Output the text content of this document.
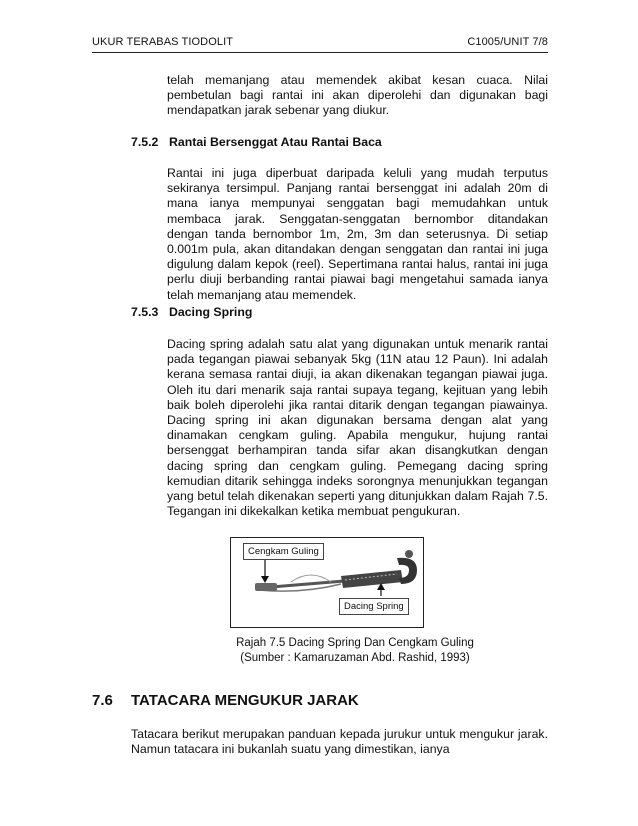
UKUR TERABAS TIODOLIT	C1005/UNIT 7/8
telah memanjang atau memendek akibat kesan cuaca. Nilai pembetulan bagi rantai ini akan diperolehi dan digunakan bagi mendapatkan jarak sebenar yang diukur.
7.5.2 Rantai Bersenggat Atau Rantai Baca
Rantai ini juga diperbuat daripada keluli yang mudah terputus sekiranya tersimpul. Panjang rantai bersenggat ini adalah 20m di mana ianya mempunyai senggatan bagi memudahkan untuk membaca jarak. Senggatan-senggatan bernombor ditandakan dengan tanda bernombor 1m, 2m, 3m dan seterusnya. Di setiap 0.001m pula, akan ditandakan dengan senggatan dan rantai ini juga digulung dalam kepok (reel). Sepertimana rantai halus, rantai ini juga perlu diuji berbanding rantai piawai bagi mengetahui samada ianya telah memanjang atau memendek.
7.5.3 Dacing Spring
Dacing spring adalah satu alat yang digunakan untuk menarik rantai pada tegangan piawai sebanyak 5kg (11N atau 12 Paun). Ini adalah kerana semasa rantai diuji, ia akan dikenakan tegangan piawai juga. Oleh itu dari menarik saja rantai supaya tegang, kejituan yang lebih baik boleh diperolehi jika rantai ditarik dengan tegangan piawainya. Dacing spring ini akan digunakan bersama dengan alat yang dinamakan cengkam guling. Apabila mengukur, hujung rantai bersenggat berhampiran tanda sifar akan disangkutkan dengan dacing spring dan cengkam guling. Pemegang dacing spring kemudian ditarik sehingga indeks sorongnya menunjukkan tegangan yang betul telah dikenakan seperti yang ditunjukkan dalam Rajah 7.5. Tegangan ini dikekalkan ketika membuat pengukuran.
Cengkam Guling
Dacing Spring
Rajah 7.5 Dacing Spring Dan Cengkam Guling
(Sumber : Kamaruzaman Abd. Rashid, 1993)
7.6 TATACARA MENGUKUR JARAK
Tatacara berikut merupakan panduan kepada jurukur untuk mengukur jarak. Namun tatacara ini bukanlah suatu yang dimestikan, ianya
